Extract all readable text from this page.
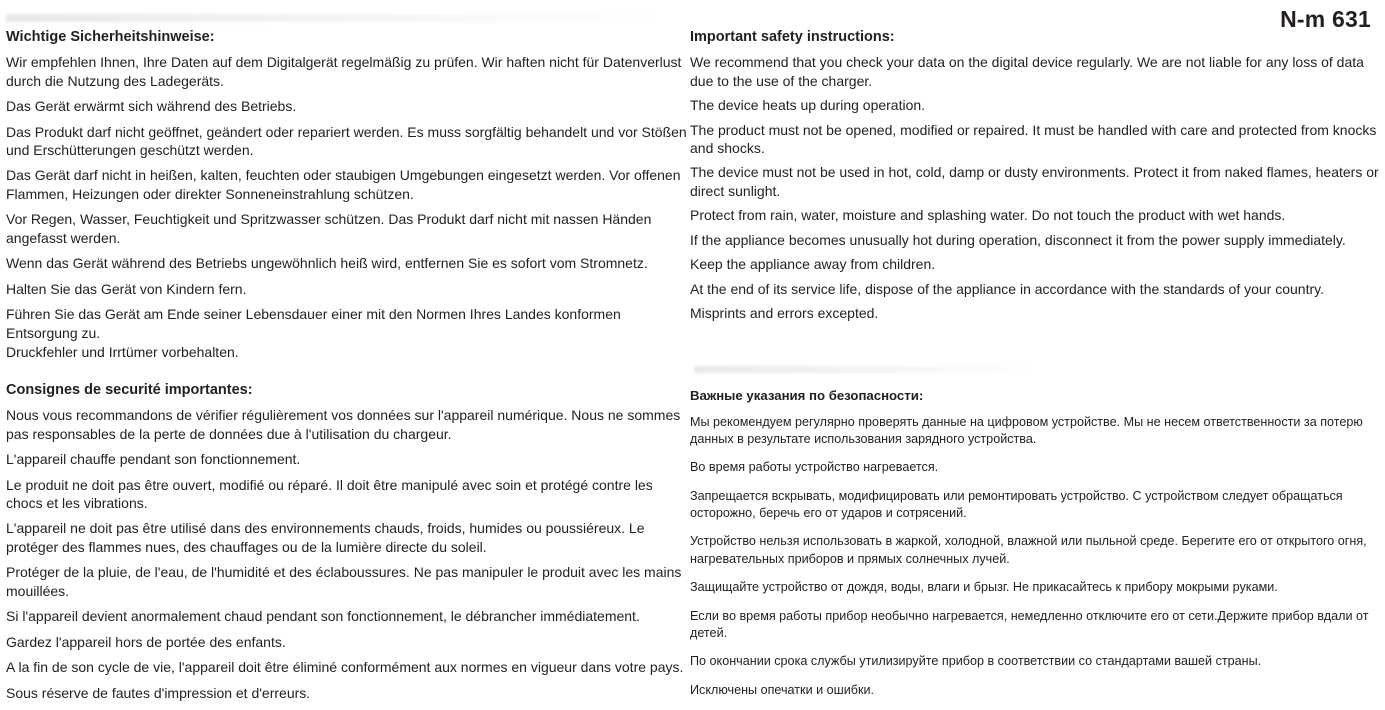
N-m 631
Wichtige Sicherheitshinweise:

Wir empfehlen Ihnen, Ihre Daten auf dem Digitalgerät regelmäßig zu prüfen. Wir haften nicht für Datenverlust durch die Nutzung des Ladegeräts.

Das Gerät erwärmt sich während des Betriebs.

Das Produkt darf nicht geöffnet, geändert oder repariert werden. Es muss sorgfältig behandelt und vor Stößen und Erschütterungen geschützt werden.

Das Gerät darf nicht in heißen, kalten, feuchten oder staubigen Umgebungen eingesetzt werden. Vor offenen Flammen, Heizungen oder direkter Sonneneinstrahlung schützen.

Vor Regen, Wasser, Feuchtigkeit und Spritzwasser schützen. Das Produkt darf nicht mit nassen Händen angefasst werden.

Wenn das Gerät während des Betriebs ungewöhnlich heiß wird, entfernen Sie es sofort vom Stromnetz.

Halten Sie das Gerät von Kindern fern.

Führen Sie das Gerät am Ende seiner Lebensdauer einer mit den Normen Ihres Landes konformen Entsorgung zu.

Druckfehler und Irrtümer vorbehalten.

Important safety instructions:

We recommend that you check your data on the digital device regularly. We are not liable for any loss of data due to the use of the charger.

The device heats up during operation.

The product must not be opened, modified or repaired. It must be handled with care and protected from knocks and shocks.

The device must not be used in hot, cold, damp or dusty environments. Protect it from naked flames, heaters or direct sunlight.

Protect from rain, water, moisture and splashing water. Do not touch the product with wet hands.

If the appliance becomes unusually hot during operation, disconnect it from the power supply immediately.

Keep the appliance away from children.

At the end of its service life, dispose of the appliance in accordance with the standards of your country.

Misprints and errors excepted.

Consignes de securité importantes:

Nous vous recommandons de vérifier régulièrement vos données sur l'appareil numérique. Nous ne sommes pas responsables de la perte de données due à l'utilisation du chargeur.

L'appareil chauffe pendant son fonctionnement.

Le produit ne doit pas être ouvert, modifié ou réparé. Il doit être manipulé avec soin et protégé contre les chocs et les vibrations.

L'appareil ne doit pas être utilisé dans des environnements chauds, froids, humides ou poussiéreux. Le protéger des flammes nues, des chauffages ou de la lumière directe du soleil.

Protéger de la pluie, de l'eau, de l'humidité et des éclaboussures. Ne pas manipuler le produit avec les mains mouillées.

Si l'appareil devient anormalement chaud pendant son fonctionnement, le débrancher immédiatement.

Gardez l'appareil hors de portée des enfants.

A la fin de son cycle de vie, l'appareil doit être éliminé conformément aux normes en vigueur dans votre pays.

Sous réserve de fautes d'impression et d'erreurs.

Важные указания по безопасности:

Мы рекомендуем регулярно проверять данные на цифровом устройстве. Мы не несем ответственности за потерю данных в результате использования зарядного устройства.

Во время работы устройство нагревается.

Запрещается вскрывать, модифицировать или ремонтировать устройство. С устройством следует обращаться осторожно, беречь его от ударов и сотрясений.

Устройство нельзя использовать в жаркой, холодной, влажной или пыльной среде. Берегите его от открытого огня, нагревательных приборов и прямых солнечных лучей.

Защищайте устройство от дождя, воды, влаги и брызг. Не прикасайтесь к прибору мокрыми руками.

Если во время работы прибор необычно нагревается, немедленно отключите его от сети.Держите прибор вдали от детей.

По окончании срока службы утилизируйте прибор в соответствии со стандартами вашей страны.

Исключены опечатки и ошибки.
